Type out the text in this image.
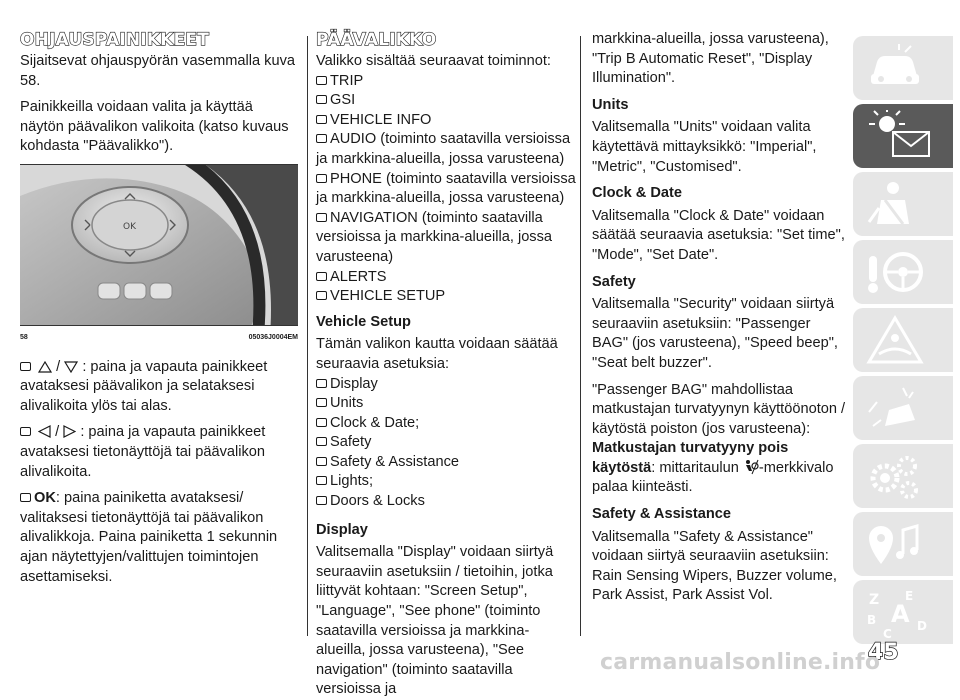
OHJAUSPAINIKKEET

Sijaitsevat ohjauspyörän vasemmalla kuva 58.

Painikkeilla voidaan valita ja käyttää näytön päävalikon valikoita (katso kuvaus kohdasta "Päävalikko").

OK
58	05036J0004EM

/ : paina ja vapauta painikkeet avataksesi päävalikon ja selataksesi alivalikoita ylös tai alas.

/ : paina ja vapauta painikkeet avataksesi tietonäyttöjä tai päävalikon alivalikoita.

OK: paina painiketta avataksesi/ valitaksesi tietonäyttöjä tai päävalikon alivalikkoja. Paina painiketta 1 sekunnin ajan näytettyjen/valittujen toimintojen asettamiseksi.

PÄÄVALIKKO
Valikko sisältää seuraavat toiminnot:
TRIP
GSI
VEHICLE INFO
AUDIO (toiminto saatavilla versioissa ja markkina-alueilla, jossa varusteena)
PHONE (toiminto saatavilla versioissa ja markkina-alueilla, jossa varusteena)
NAVIGATION (toiminto saatavilla versioissa ja markkina-alueilla, jossa varusteena)
ALERTS
VEHICLE SETUP
Vehicle Setup
Tämän valikon kautta voidaan säätää seuraavia asetuksia:
Display
Units
Clock & Date;
Safety
Safety & Assistance
Lights;
Doors & Locks
Display
Valitsemalla "Display" voidaan siirtyä seuraaviin asetuksiin / tietoihin, jotka liittyvät kohtaan: "Screen Setup", "Language", "See phone" (toiminto saatavilla versioissa ja markkina-alueilla, jossa varusteena), "See navigation" (toiminto saatavilla versioissa ja

markkina-alueilla, jossa varusteena), "Trip B Automatic Reset", "Display Illumination".

Units

Valitsemalla "Units" voidaan valita käytettävä mittayksikkö: "Imperial", "Metric", "Customised".

Clock & Date

Valitsemalla "Clock & Date" voidaan säätää seuraavia asetuksia: "Set time", "Mode", "Set Date".

Safety

Valitsemalla "Security" voidaan siirtyä seuraaviin asetuksiin: "Passenger BAG" (jos varusteena), "Speed beep", "Seat belt buzzer".

"Passenger BAG" mahdollistaa matkustajan turvatyynyn käyttöönoton / käytöstä poiston (jos varusteena):

Matkustajan turvatyyny pois käytöstä: mittaritaulun -merkkivalo palaa kiinteästi.

Safety & Assistance

Valitsemalla "Safety & Assistance" voidaan siirtyä seuraaviin asetuksiin: Rain Sensing Wipers, Buzzer volume, Park Assist, Park Assist Vol.	Z E
B A
C
D
45
carmanualsonline.info
